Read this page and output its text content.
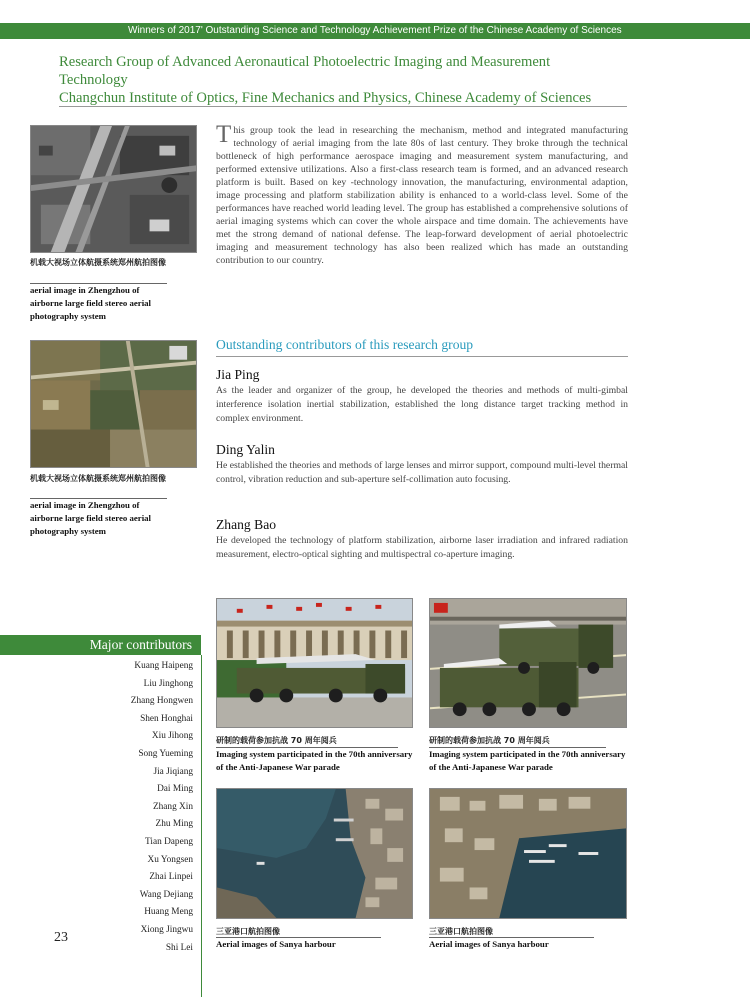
Winners of 2017' Outstanding Science and Technology Achievement Prize of the Chinese Academy of Sciences
Research Group of Advanced Aeronautical Photoelectric Imaging and Measurement
Technology
Changchun Institute of Optics, Fine Mechanics and Physics, Chinese Academy of Sciences
机载大视场立体航摄系统郑州航拍图像
aerial image in Zhengzhou of airborne large field stereo aerial photography system
机载大视场立体航摄系统郑州航拍图像
aerial image in Zhengzhou of airborne large field stereo aerial photography system
T his group took the lead in researching the mechanism, method and integrated manufacturing technology of aerial imaging from the late 80s of last century. They broke through the technical bottleneck of high performance aerospace imaging and measurement system manufacturing, and performed extensive utilizations. Also a first-class research team is formed, and an advanced research platform is built. Based on key -technology innovation, the manufacturing, environmental adaption, image processing and platform stabilization ability is enhanced to a world-class level. Some of the performances have reached world leading level. The group has established a comprehensive solutions of aerial imaging systems which can cover the whole airspace and time domain. The achievements have met the strong demand of national defense. The leap-forward development of aerial photoelectric imaging and measurement technology has also been realized which has made an outstanding contribution to our country.
Outstanding contributors of this research group
Jia Ping
As the leader and organizer of the group, he developed the theories and methods of multi-gimbal interference isolation inertial stabilization, established the long distance target tracking method in complex environment.
Ding Yalin
He established the theories and methods of large lenses and mirror support, compound multi-level thermal control, vibration reduction and sub-aperture self-collimation auto focusing.
Zhang Bao
He developed the technology of platform stabilization, airborne laser irradiation and infrared radiation measurement, electro-optical sighting and multispectral co-aperture imaging.
研制的载荷参加抗战 70 周年阅兵
Imaging system participated in the 70th anniversary of the Anti-Japanese War parade
研制的载荷参加抗战 70 周年阅兵
Imaging system participated in the 70th anniversary of the Anti-Japanese War parade
三亚港口航拍图像
Aerial images of Sanya harbour
三亚港口航拍图像
Aerial images of Sanya harbour
Major contributors
Kuang Haipeng
Liu Jinghong
Zhang Hongwen
Shen Honghai
Xiu Jihong
Song Yueming
Jia Jiqiang
Dai Ming
Zhang Xin
Zhu Ming
Tian Dapeng
Xu Yongsen
Zhai Linpei
Wang Dejiang
Huang Meng
Xiong Jingwu
Shi Lei
23
